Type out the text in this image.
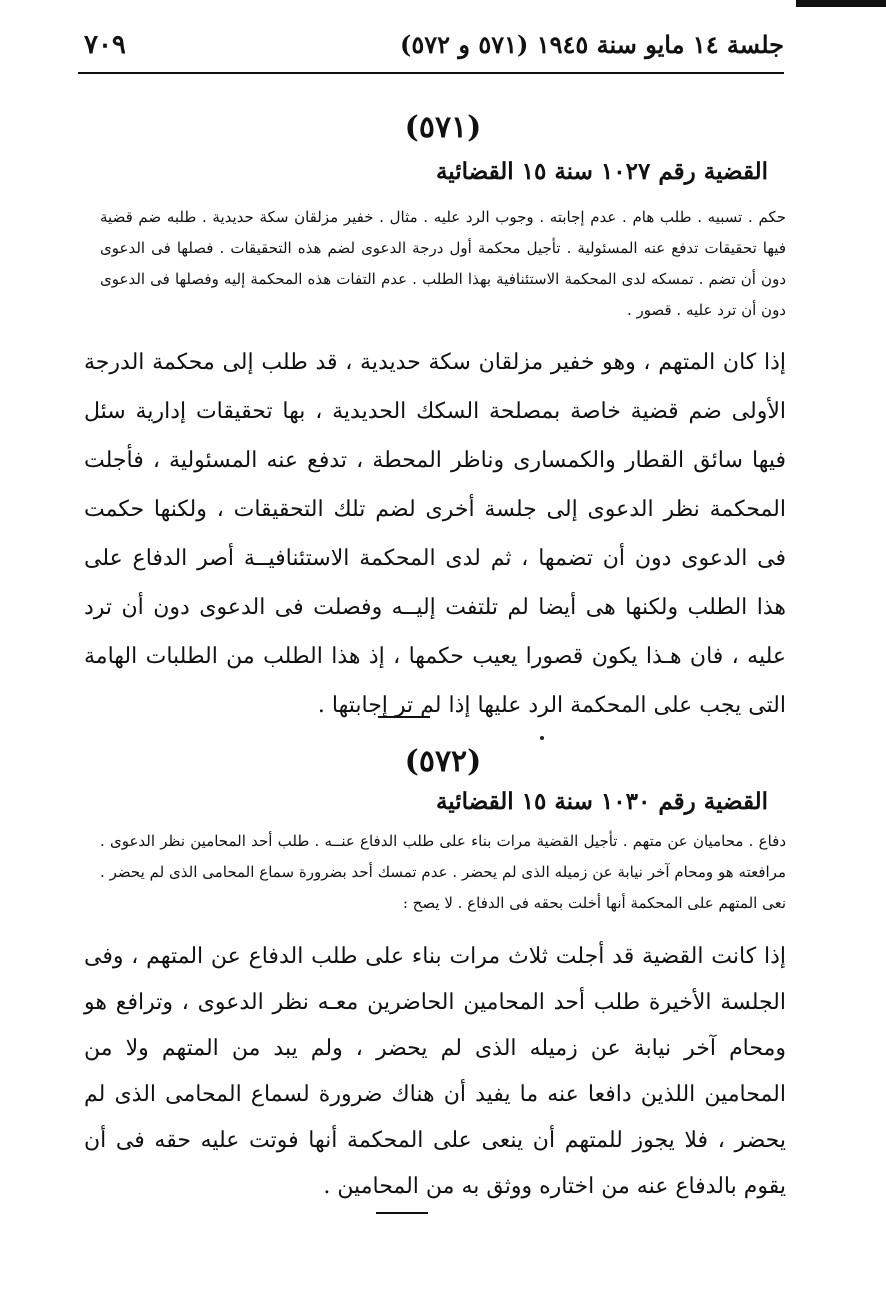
جلسة ١٤ مايو سنة ١٩٤٥ (٥٧١ و ٥٧٢)
٧٠٩
(٥٧١)
القضية رقم ١٠٢٧ سنة ١٥ القضائية

حكم . تسبيه . طلب هام . عدم إجابته . وجوب الرد عليه . مثال . خفير مزلقان سكة حديدية . طلبه ضم قضية فيها تحقيقات تدفع عنه المسئولية . تأجيل محكمة أول درجة الدعوى لضم هذه التحقيقات . فصلها فى الدعوى دون أن تضم . تمسكه لدى المحكمة الاستئنافية بهذا الطلب . عدم التفات هذه المحكمة إليه وفصلها فى الدعوى دون أن ترد عليه . قصور .

إذا كان المتهم ، وهو خفير مزلقان سكة حديدية ، قد طلب إلى محكمة الدرجة الأولى ضم قضية خاصة بمصلحة السكك الحديدية ، بها تحقيقات إدارية سئل فيها سائق القطار والكمسارى وناظر المحطة ، تدفع عنه المسئولية ، فأجلت المحكمة نظر الدعوى إلى جلسة أخرى لضم تلك التحقيقات ، ولكنها حكمت فى الدعوى دون أن تضمها ، ثم لدى المحكمة الاستئنافيــة أصر الدفاع على هذا الطلب ولكنها هى أيضا لم تلتفت إليــه وفصلت فى الدعوى دون أن ترد عليه ، فان هـذا يكون قصورا يعيب حكمها ، إذ هذا الطلب من الطلبات الهامة التى يجب على المحكمة الرد عليها إذا لم تر إجابتها .

(٥٧٢)
القضية رقم ١٠٣٠ سنة ١٥ القضائية

دفاع . محاميان عن متهم . تأجيل القضية مرات بناء على طلب الدفاع عنــه . طلب أحد المحامين نظر الدعوى . مرافعته هو ومحام آخر نيابة عن زميله الذى لم يحضر . عدم تمسك أحد بضرورة سماع المحامى الذى لم يحضر . نعى المتهم على المحكمة أنها أخلت بحقه فى الدفاع . لا يصح :

إذا كانت القضية قد أجلت ثلاث مرات بناء على طلب الدفاع عن المتهم ، وفى الجلسة الأخيرة طلب أحد المحامين الحاضرين معـه نظر الدعوى ، وترافع هو ومحام آخر نيابة عن زميله الذى لم يحضر ، ولم يبد من المتهم ولا من المحامين اللذين دافعا عنه ما يفيد أن هناك ضرورة لسماع المحامى الذى لم يحضر ، فلا يجوز للمتهم أن ينعى على المحكمة أنها فوتت عليه حقه فى أن يقوم بالدفاع عنه من اختاره ووثق به من المحامين .
